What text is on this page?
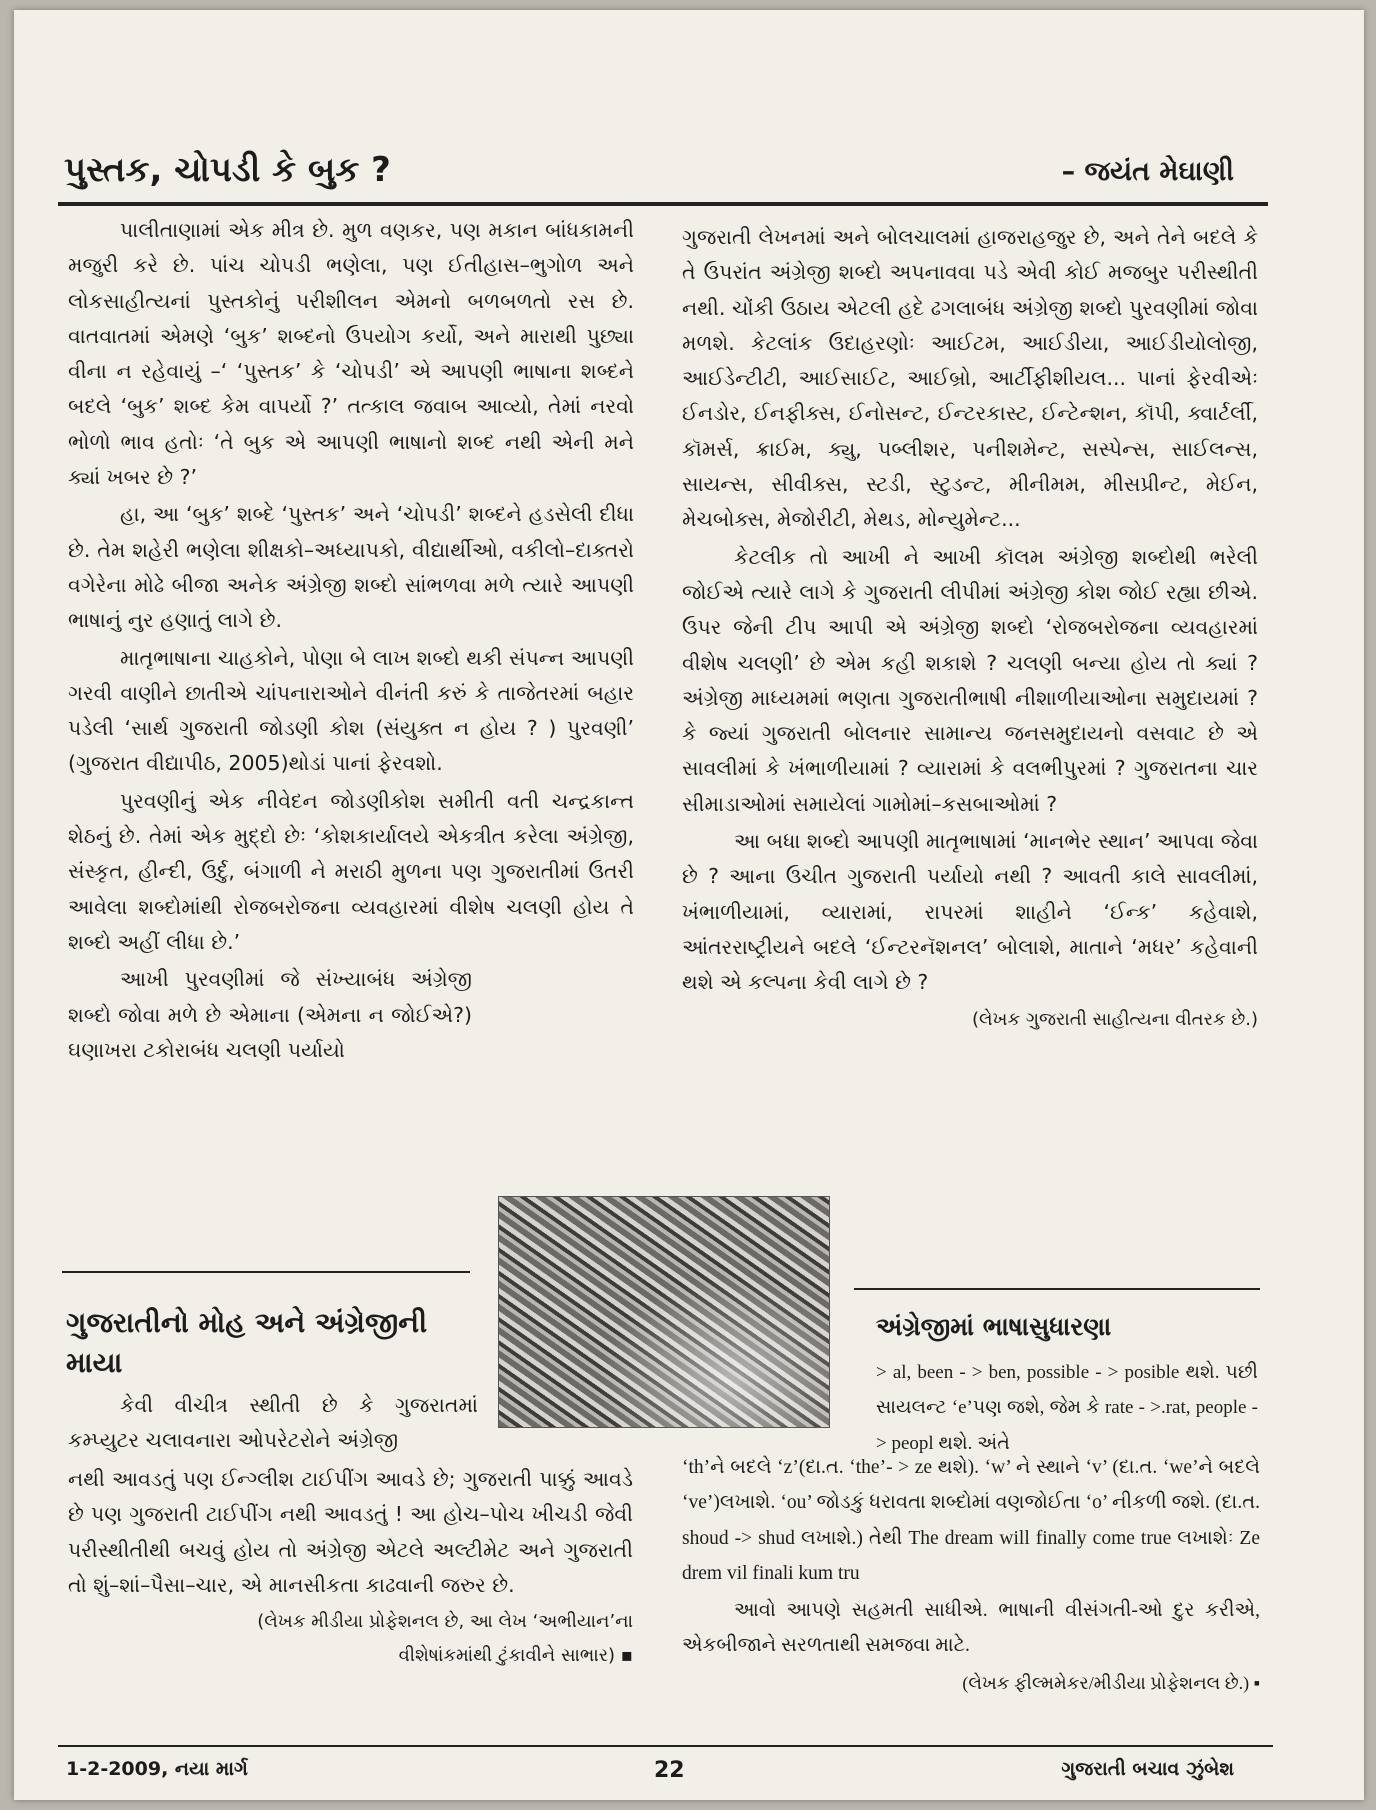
પુસ્તક, ચોપડી કે બુક ?	– જયંત મેઘાણી

પાલીતાણામાં એક મીત્ર છે. મુળ વણકર, પણ મકાન બાંધકામની મજુરી કરે છે. પાંચ ચોપડી ભણેલા, પણ ઈતીહાસ–ભુગોળ અને લોકસાહીત્યનાં પુસ્તકોનું પરીશીલન એમનો બળબળતો રસ છે. વાતવાતમાં એમણે ‘બુક’ શબ્દનો ઉપયોગ કર્યો, અને મારાથી પુછ્યા વીના ન રહેવાયું –‘ ‘પુસ્તક’ કે ‘ચોપડી’ એ આપણી ભાષાના શબ્દને બદલે ‘બુક’ શબ્દ કેમ વાપર્યો ?’ તત્કાલ જવાબ આવ્યો, તેમાં નરવો ભોળો ભાવ હતોઃ ‘તે બુક એ આપણી ભાષાનો શબ્દ નથી એની મને ક્યાં ખબર છે ?’

હા, આ ‘બુક’ શબ્દે ‘પુસ્તક’ અને ‘ચોપડી’ શબ્દને હડસેલી દીધા છે. તેમ શહેરી ભણેલા શીક્ષકો–અધ્યાપકો, વીદ્યાર્થીઓ, વકીલો–દાક્તરો વગેરેના મોઢે બીજા અનેક અંગ્રેજી શબ્દો સાંભળવા મળે ત્યારે આપણી ભાષાનું નુર હણાતું લાગે છે.

માતૃભાષાના ચાહકોને, પોણા બે લાખ શબ્દો થકી સંપન્ન આપણી ગરવી વાણીને છાતીએ ચાંપનારાઓને વીનંતી કરું કે તાજેતરમાં બહાર પડેલી ‘સાર્થ ગુજરાતી જોડણી કોશ (સંયુક્ત ન હોય ? ) પુરવણી’ (ગુજરાત વીદ્યાપીઠ, 2005)થોડાં પાનાં ફેરવશો.

પુરવણીનું એક નીવેદન જોડણીકોશ સમીતી વતી ચન્દ્રકાન્ત શેઠનું છે. તેમાં એક મુદ્દો છેઃ ‘કોશકાર્યાલયે એકત્રીત કરેલા અંગ્રેજી, સંસ્કૃત, હીન્દી, ઉર્દુ, બંગાળી ને મરાઠી મુળના પણ ગુજરાતીમાં ઉતરી આવેલા શબ્દોમાંથી રોજબરોજના વ્યવહારમાં વીશેષ ચલણી હોય તે શબ્દો અહીં લીધા છે.’

આખી પુરવણીમાં જે સંખ્યાબંધ અંગ્રેજી શબ્દો જોવા મળે છે એમાના (એમના ન જોઈએ?) ઘણાખરા ટકોરાબંધ ચલણી પર્યાયો

ગુજરાતી લેખનમાં અને બોલચાલમાં હાજરાહજુર છે, અને તેને બદલે કે તે ઉપરાંત અંગ્રેજી શબ્દો અપનાવવા પડે એવી કોઈ મજબુર પરીસ્થીતી નથી. ચોંકી ઉઠાય એટલી હદે ઢગલાબંધ અંગ્રેજી શબ્દો પુરવણીમાં જોવા મળશે. કેટલાંક ઉદાહરણોઃ આઈટમ, આઈડીયા, આઈડીયોલોજી, આઈડેન્ટીટી, આઈસાઈટ, આઈબ્રો, આર્ટીફીશીયલ... પાનાં ફેરવીએઃ ઈનડોર, ઈનફીક્સ, ઈનોસન્ટ, ઈન્ટરકાસ્ટ, ઈન્ટેન્શન, કૉપી, ક્વાર્ટર્લી, કૉમર્સ, ક્રાઈમ, ક્યુ, પબ્લીશર, પનીશમેન્ટ, સસ્પેન્સ, સાઈલન્સ, સાયન્સ, સીવીક્સ, સ્ટડી, સ્ટુડન્ટ, મીનીમમ, મીસપ્રીન્ટ, મેઈન, મેચબોક્સ, મેજોરીટી, મેથડ, મોન્યુમેન્ટ...

કેટલીક તો આખી ને આખી કૉલમ અંગ્રેજી શબ્દોથી ભરેલી જોઈએ ત્યારે લાગે કે ગુજરાતી લીપીમાં અંગ્રેજી કોશ જોઈ રહ્યા છીએ. ઉપર જેની ટીપ આપી એ અંગ્રેજી શબ્દો ‘રોજબરોજના વ્યવહારમાં વીશેષ ચલણી’ છે એમ કહી શકાશે ? ચલણી બન્યા હોય તો ક્યાં ? અંગ્રેજી માધ્યમમાં ભણતા ગુજરાતીભાષી નીશાળીયાઓના સમુદાયમાં ? કે જ્યાં ગુજરાતી બોલનાર સામાન્ય જનસમુદાયનો વસવાટ છે એ સાવલીમાં કે ખંભાળીયામાં ? વ્યારામાં કે વલભીપુરમાં ? ગુજરાતના ચાર સીમાડાઓમાં સમાયેલાં ગામોમાં–કસબાઓમાં ?

આ બધા શબ્દો આપણી માતૃભાષામાં ‘માનભેર સ્થાન’ આપવા જેવા છે ? આના ઉચીત ગુજરાતી પર્યાયો નથી ? આવતી કાલે સાવલીમાં, ખંભાળીયામાં, વ્યારામાં, રાપરમાં શાહીને ‘ઈન્ક’ કહેવાશે, આંતરરાષ્ટ્રીયને બદલે ‘ઈન્ટરનૅશનલ’ બોલાશે, માતાને ‘મધર’ કહેવાની થશે એ કલ્પના કેવી લાગે છે ?

(લેખક ગુજરાતી સાહીત્યના વીતરક છે.)
ગુજરાતીનો મોહ અને અંગ્રેજીની માયા

કેવી વીચીત્ર સ્થીતી છે કે ગુજરાતમાં કમ્પ્યુટર ચલાવનારા ઓપરેટરોને અંગ્રેજી

નથી આવડતું પણ ઈન્ગ્લીશ ટાઈપીંગ આવડે છે; ગુજરાતી પાક્કું આવડે છે પણ ગુજરાતી ટાઈપીંગ નથી આવડતું ! આ હોચ–પોચ ખીચડી જેવી પરીસ્થીતીથી બચવું હોય તો અંગ્રેજી એટલે અલ્ટીમેટ અને ગુજરાતી તો શું–શાં–પૈસા–ચાર, એ માનસીકતા કાઢવાની જરુર છે.

(લેખક મીડીયા પ્રોફેશનલ છે, આ લેખ ‘અભીયાન’ના
વીશેષાંકમાંથી ટુંકાવીને સાભાર) ▪
અંગ્રેજીમાં ભાષાસુધારણા

> al, been - > ben, possible - > posible થશે. પછી સાયલન્ટ ‘e’પણ જશે, જેમ કે rate - >.rat, people - > peopl થશે. અંતે

‘th’ને બદલે ‘z’(દા.ત. ‘the’- > ze થશે). ‘w’ ને સ્થાને ‘v’ (દા.ત. ‘we’ને બદલે ‘ve’)લખાશે. ‘ou’ જોડકું ધરાવતા શબ્દોમાં વણજોઈતા ‘o’ નીકળી જશે. (દા.ત. shoud -> shud લખાશે.) તેથી The dream will finally come true લખાશેઃ Ze drem vil finali kum tru

આવો આપણે સહમતી સાધીએ. ભાષાની વીસંગતી-ઓ દુર કરીએ, એકબીજાને સરળતાથી સમજવા માટે.

(લેખક ફીલ્મમેકર/મીડીયા પ્રોફેશનલ છે.) ▪
1-2-2009, નયા માર્ગ	22	ગુજરાતી બચાવ ઝુંબેશ
